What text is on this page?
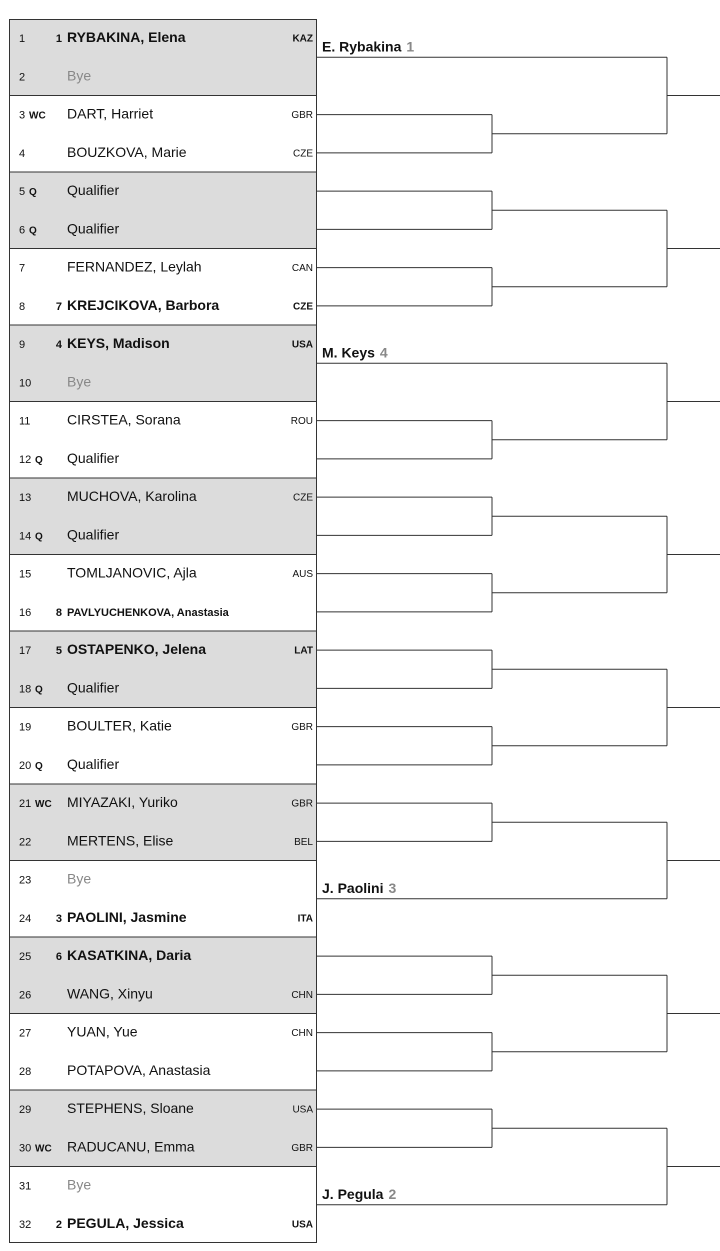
1	1 RYBAKINA, Elena	KAZ
2	Bye
3 WC DART, Harriet	GBR
4	BOUZKOVA, Marie	CZE
5 Q Qualifier
6 Q Qualifier
7	FERNANDEZ, Leylah	CAN
8	7 KREJCIKOVA, Barbora	CZE
9	4 KEYS, Madison	USA
10	Bye
11	CIRSTEA, Sorana	ROU
12 Q Qualifier
13	MUCHOVA, Karolina	CZE
14 Q Qualifier
15	TOMLJANOVIC, Ajla	AUS
16 8 PAVLYUCHENKOVA, Anastasia
17 5 OSTAPENKO, Jelena	LAT
18 Q Qualifier
19	BOULTER, Katie	GBR
20 Q Qualifier
21 WC MIYAZAKI, Yuriko	GBR
22	MERTENS, Elise	BEL
23	Bye
24 3 PAOLINI, Jasmine	ITA
25 6 KASATKINA, Daria
26	WANG, Xinyu	CHN
27	YUAN, Yue	CHN
28	POTAPOVA, Anastasia
29	STEPHENS, Sloane	USA
30 WC RADUCANU, Emma	GBR
31	Bye
32 2 PEGULA, Jessica	USA
E. Rybakina 1
M. Keys 4
J. Paolini 3
J. Pegula 2
